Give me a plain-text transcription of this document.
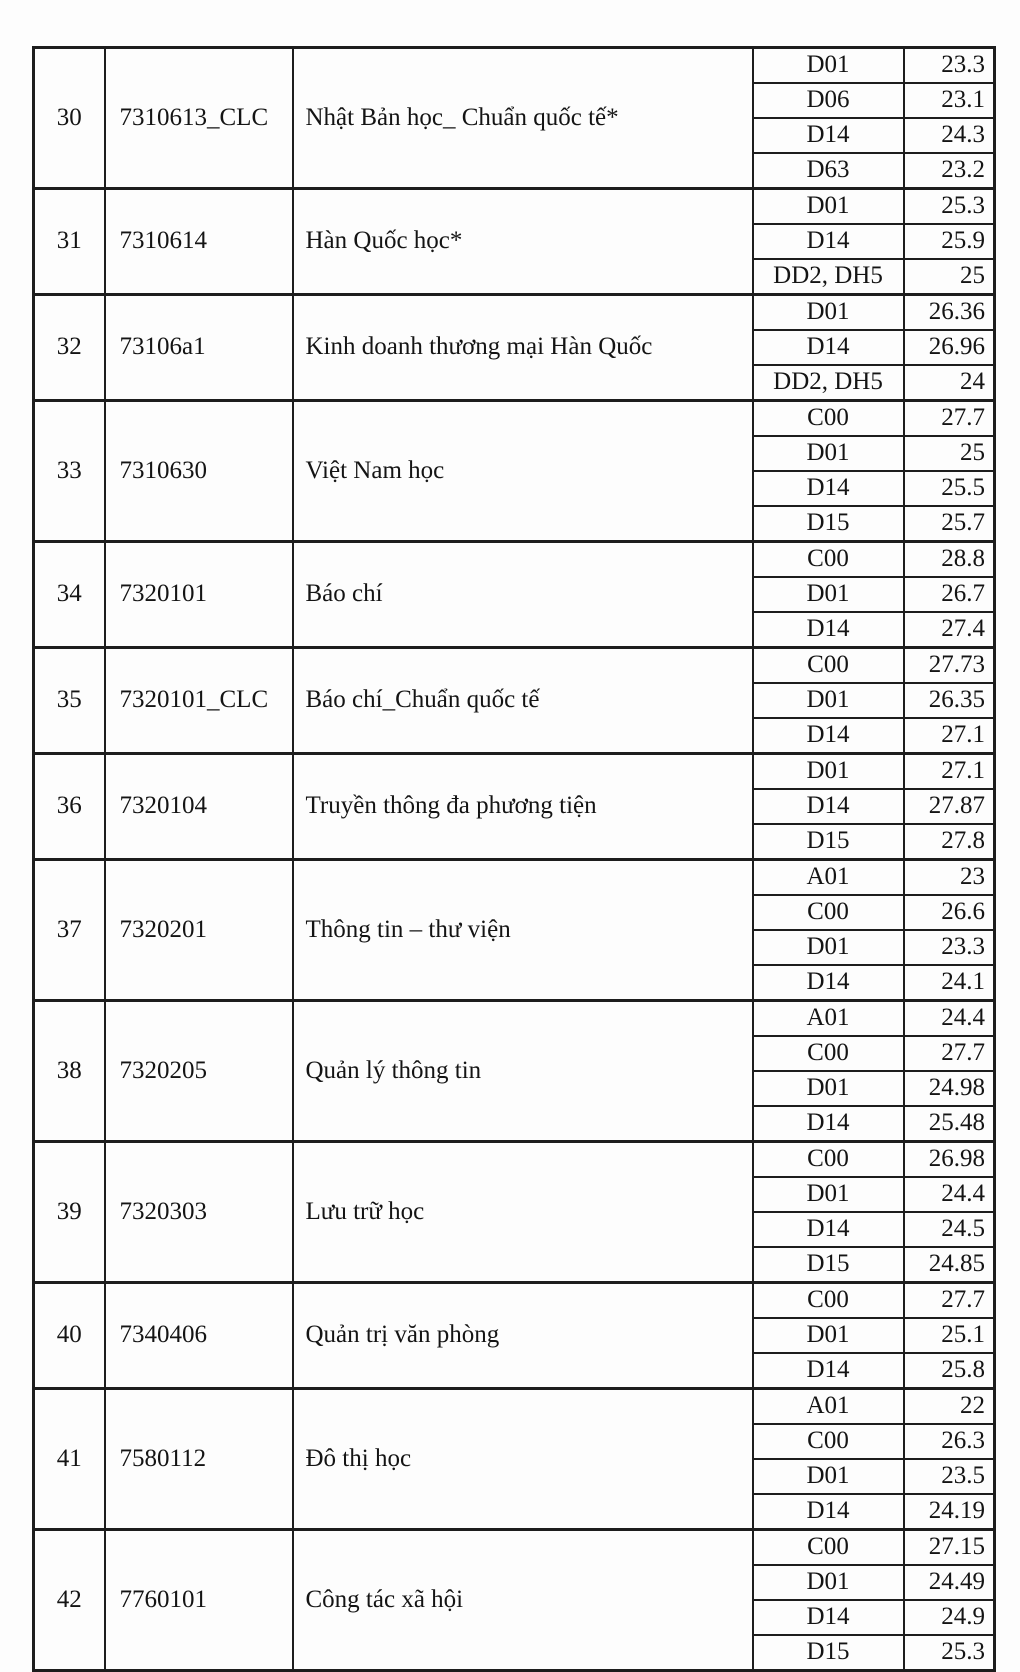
30	7310613_CLC	Nhật Bản học_ Chuẩn quốc tế*	D01	23.3
			D06	23.1
			D14	24.3
			D63	23.2
31	7310614	Hàn Quốc học*	D01	25.3
			D14	25.9
			DD2, DH5	25
32	73106a1	Kinh doanh thương mại Hàn Quốc	D01	26.36
			D14	26.96
			DD2, DH5	24
33	7310630	Việt Nam học	C00	27.7
			D01	25
			D14	25.5
			D15	25.7
34	7320101	Báo chí	C00	28.8
			D01	26.7
			D14	27.4
35	7320101_CLC	Báo chí_Chuẩn quốc tế	C00	27.73
			D01	26.35
			D14	27.1
36	7320104	Truyền thông đa phương tiện	D01	27.1
			D14	27.87
			D15	27.8
37	7320201	Thông tin – thư viện	A01	23
			C00	26.6
			D01	23.3
			D14	24.1
38	7320205	Quản lý thông tin	A01	24.4
			C00	27.7
			D01	24.98
			D14	25.48
39	7320303	Lưu trữ học	C00	26.98
			D01	24.4
			D14	24.5
			D15	24.85
40	7340406	Quản trị văn phòng	C00	27.7
			D01	25.1
			D14	25.8
41	7580112	Đô thị học	A01	22
			C00	26.3
			D01	23.5
			D14	24.19
42	7760101	Công tác xã hội	C00	27.15
			D01	24.49
			D14	24.9
			D15	25.3
